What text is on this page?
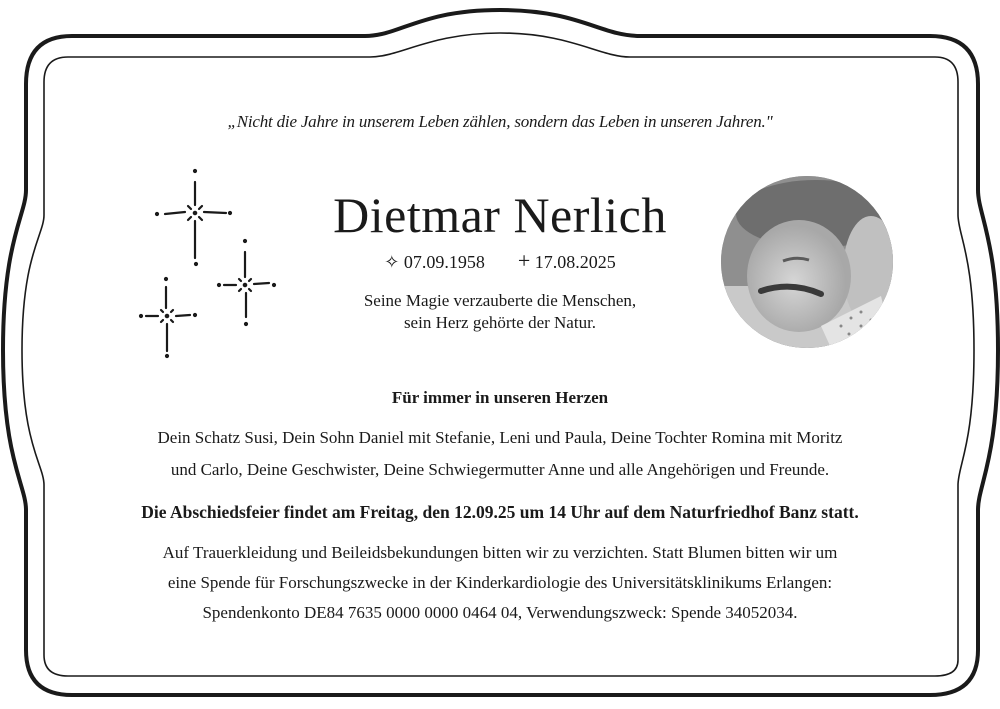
„Nicht die Jahre in unserem Leben zählen, sondern das Leben in unseren Jahren."
Dietmar Nerlich
✧ 07.09.1958 + 17.08.2025
Seine Magie verzauberte die Menschen,
sein Herz gehörte der Natur.
Für immer in unseren Herzen
Dein Schatz Susi, Dein Sohn Daniel mit Stefanie, Leni und Paula, Deine Tochter Romina mit Moritz
und Carlo, Deine Geschwister, Deine Schwiegermutter Anne und alle Angehörigen und Freunde.
Die Abschiedsfeier findet am Freitag, den 12.09.25 um 14 Uhr auf dem Naturfriedhof Banz statt.
Auf Trauerkleidung und Beileidsbekundungen bitten wir zu verzichten. Statt Blumen bitten wir um
eine Spende für Forschungszwecke in der Kinderkardiologie des Universitätsklinikums Erlangen:
Spendenkonto DE84 7635 0000 0000 0464 04, Verwendungszweck: Spende 34052034.
